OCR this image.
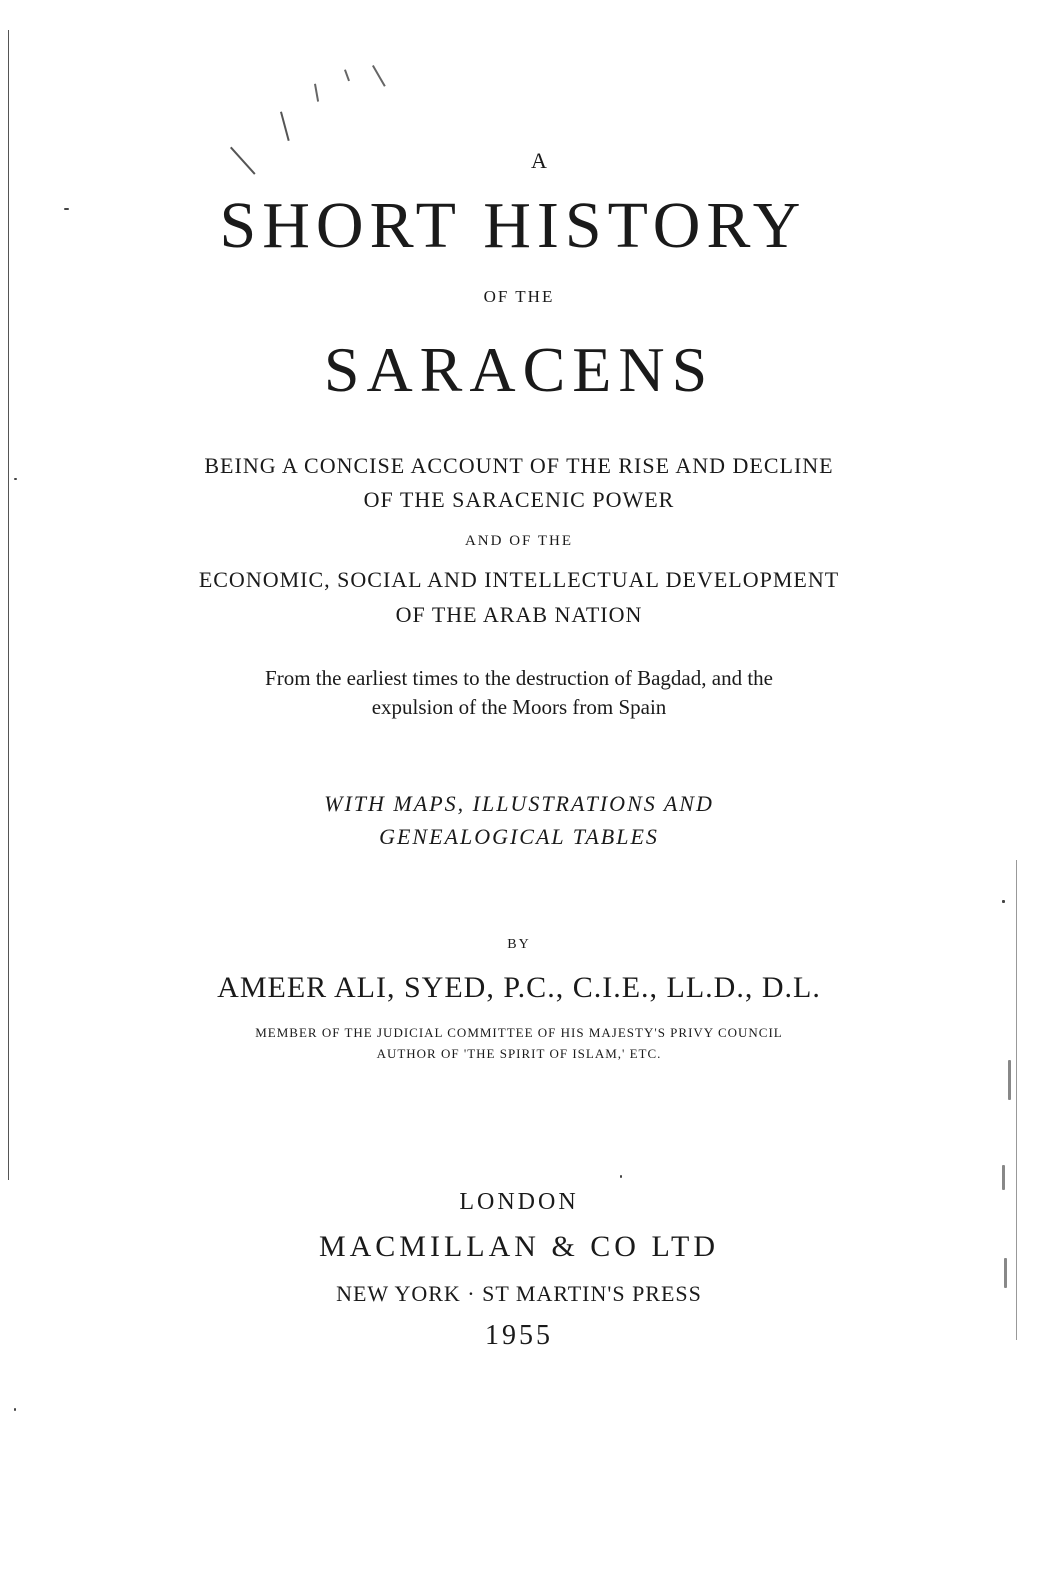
A
SHORT HISTORY
OF THE
SARACENS
BEING A CONCISE ACCOUNT OF THE RISE AND DECLINE
OF THE SARACENIC POWER
AND OF THE
ECONOMIC, SOCIAL AND INTELLECTUAL DEVELOPMENT
OF THE ARAB NATION
From the earliest times to the destruction of Bagdad, and the
expulsion of the Moors from Spain
WITH MAPS, ILLUSTRATIONS AND
GENEALOGICAL TABLES
BY
AMEER ALI, SYED, P.C., C.I.E., LL.D., D.L.
MEMBER OF THE JUDICIAL COMMITTEE OF HIS MAJESTY'S PRIVY COUNCIL
AUTHOR OF 'THE SPIRIT OF ISLAM,' ETC.
LONDON
MACMILLAN & CO LTD
NEW YORK · ST MARTIN'S PRESS
1955
